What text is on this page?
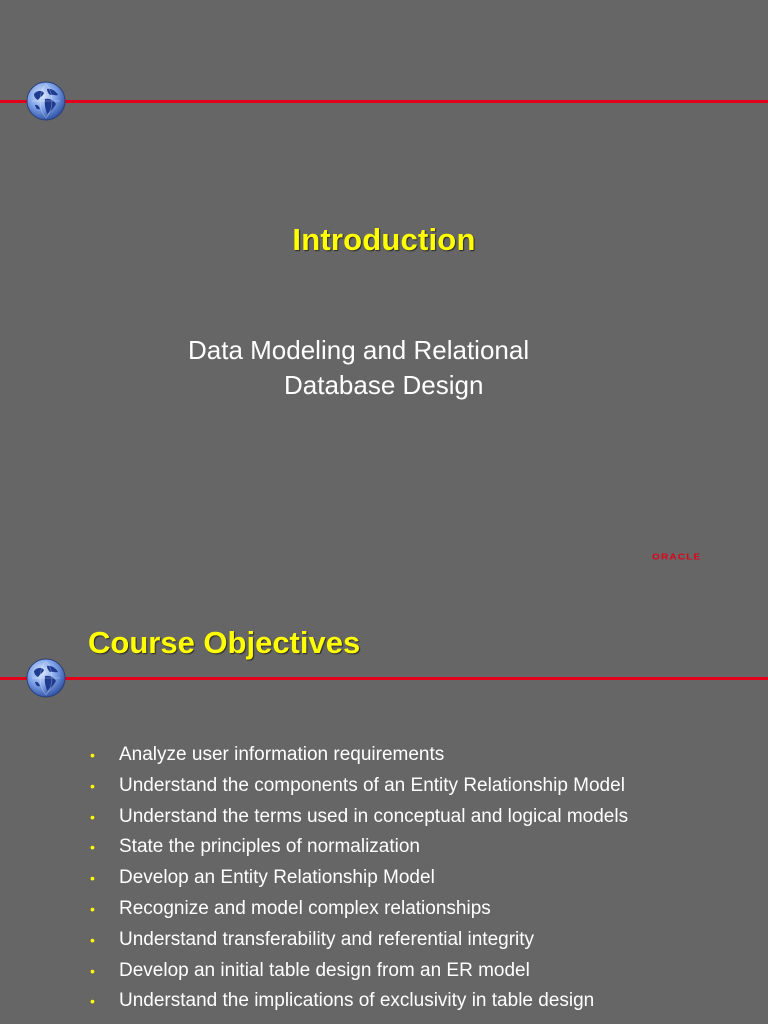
Introduction
Data Modeling and Relational
Database Design
ORACLE
Course Objectives
• Analyze user information requirements
• Understand the components of an Entity Relationship Model
• Understand the terms used in conceptual and logical models
• State the principles of normalization
• Develop an Entity Relationship Model
• Recognize and model complex relationships
• Understand transferability and referential integrity
• Develop an initial table design from an ER model
• Understand the implications of exclusivity in table design
